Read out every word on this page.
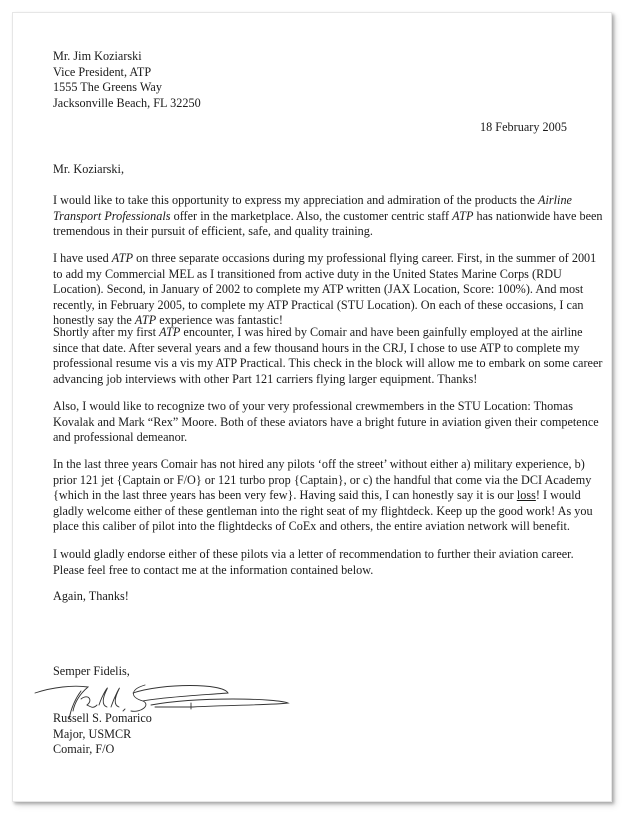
Mr. Jim Koziarski

Vice President, ATP

1555 The Greens Way

Jacksonville Beach, FL 32250

18 February 2005
Mr. Koziarski,

I would like to take this opportunity to express my appreciation and admiration of the products the Airline Transport Professionals offer in the marketplace. Also, the customer centric staff ATP has nationwide have been tremendous in their pursuit of efficient, safe, and quality training.

I have used ATP on three separate occasions during my professional flying career. First, in the summer of 2001 to add my Commercial MEL as I transitioned from active duty in the United States Marine Corps (RDU Location). Second, in January of 2002 to complete my ATP written (JAX Location, Score: 100%). And most recently, in February 2005, to complete my ATP Practical (STU Location). On each of these occasions, I can honestly say the ATP experience was fantastic!

Shortly after my first ATP encounter, I was hired by Comair and have been gainfully employed at the airline since that date. After several years and a few thousand hours in the CRJ, I chose to use ATP to complete my professional resume vis a vis my ATP Practical. This check in the block will allow me to embark on some career advancing job interviews with other Part 121 carriers flying larger equipment. Thanks!

Also, I would like to recognize two of your very professional crewmembers in the STU Location: Thomas Kovalak and Mark “Rex” Moore. Both of these aviators have a bright future in aviation given their competence and professional demeanor.

In the last three years Comair has not hired any pilots ‘off the street’ without either a) military experience, b) prior 121 jet {Captain or F/O} or 121 turbo prop {Captain}, or c) the handful that come via the DCI Academy {which in the last three years has been very few}. Having said this, I can honestly say it is our loss! I would gladly welcome either of these gentleman into the right seat of my flightdeck. Keep up the good work! As you place this caliber of pilot into the flightdecks of CoEx and others, the entire aviation network will benefit.

I would gladly endorse either of these pilots via a letter of recommendation to further their aviation career. Please feel free to contact me at the information contained below.

Again, Thanks!

Semper Fidelis,

Russell S. Pomarico

Major, USMCR

Comair, F/O
